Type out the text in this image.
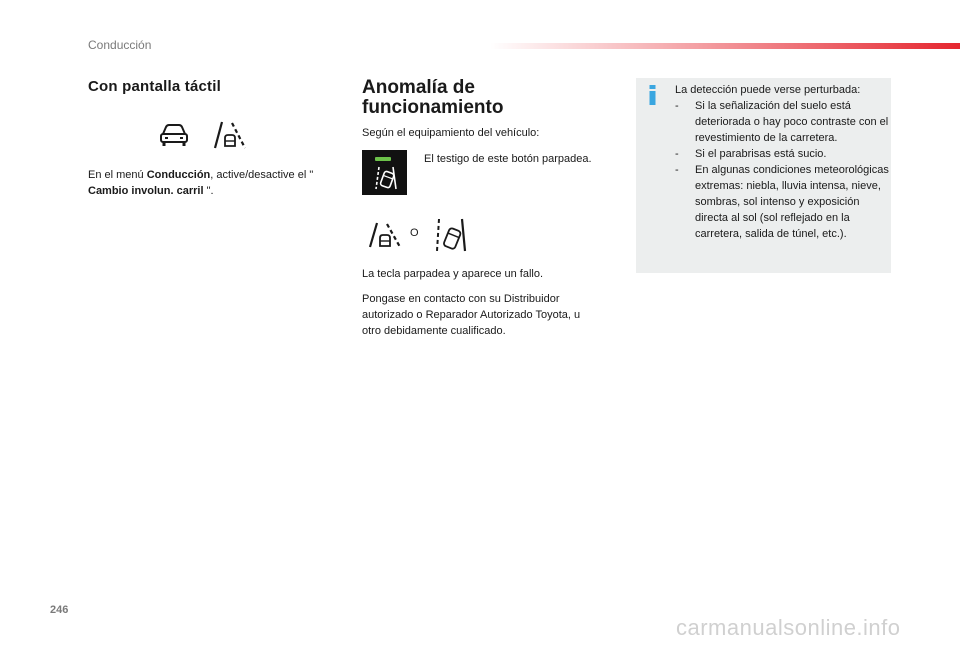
Conducción
Con pantalla táctil

En el menú Conducción, active/desactive el " Cambio involun. carril ".

Anomalía de funcionamiento

Según el equipamiento del vehículo:

El testigo de este botón parpadea.

O

La tecla parpadea y aparece un fallo.

Pongase en contacto con su Distribuidor autorizado o Reparador Autorizado Toyota, u otro debidamente cualificado.

La detección puede verse perturbada:

- Si la señalización del suelo está deteriorada o hay poco contraste con el revestimiento de la carretera.
- Si el parabrisas está sucio.
- En algunas condiciones meteorológicas extremas: niebla, lluvia intensa, nieve, sombras, sol intenso y exposición directa al sol (sol reflejado en la carretera, salida de túnel, etc.).
246
carmanualsonline.info
